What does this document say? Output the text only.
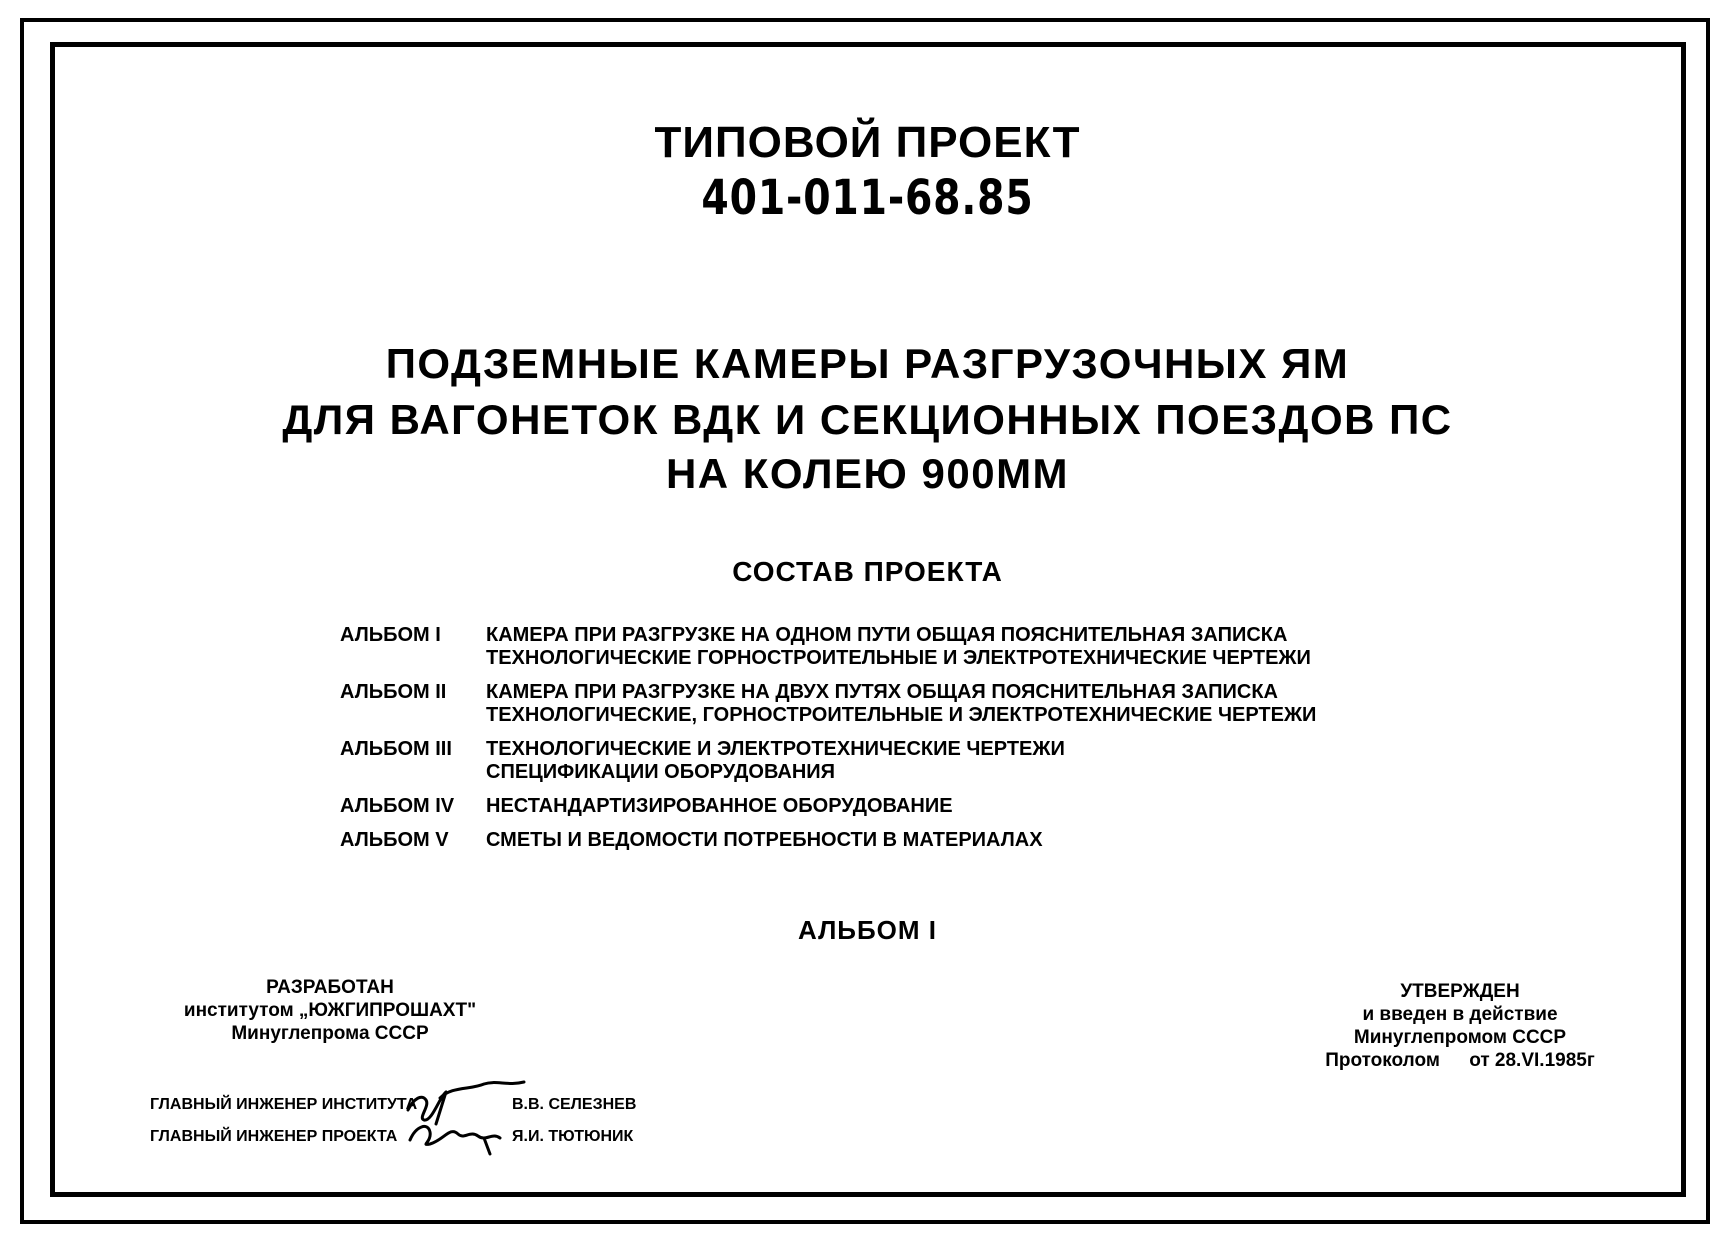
ТИПОВОЙ ПРОЕКТ
401-011-68.85
ПОДЗЕМНЫЕ КАМЕРЫ РАЗГРУЗОЧНЫХ ЯМ
ДЛЯ ВАГОНЕТОК ВДК И СЕКЦИОННЫХ ПОЕЗДОВ ПС
НА КОЛЕЮ 900ММ
СОСТАВ ПРОЕКТА
АЛЬБОМ I	КАМЕРА ПРИ РАЗГРУЗКЕ НА ОДНОМ ПУТИ ОБЩАЯ ПОЯСНИТЕЛЬНАЯ ЗАПИСКА
ТЕХНОЛОГИЧЕСКИЕ ГОРНОСТРОИТЕЛЬНЫЕ И ЭЛЕКТРОТЕХНИЧЕСКИЕ ЧЕРТЕЖИ
АЛЬБОМ II	КАМЕРА ПРИ РАЗГРУЗКЕ НА ДВУХ ПУТЯХ ОБЩАЯ ПОЯСНИТЕЛЬНАЯ ЗАПИСКА
ТЕХНОЛОГИЧЕСКИЕ, ГОРНОСТРОИТЕЛЬНЫЕ И ЭЛЕКТРОТЕХНИЧЕСКИЕ ЧЕРТЕЖИ
АЛЬБОМ III	ТЕХНОЛОГИЧЕСКИЕ И ЭЛЕКТРОТЕХНИЧЕСКИЕ ЧЕРТЕЖИ
СПЕЦИФИКАЦИИ ОБОРУДОВАНИЯ
АЛЬБОМ IV	НЕСТАНДАРТИЗИРОВАННОЕ ОБОРУДОВАНИЕ
АЛЬБОМ V	СМЕТЫ И ВЕДОМОСТИ ПОТРЕБНОСТИ В МАТЕРИАЛАХ
АЛЬБОМ I
РАЗРАБОТАН
институтом „ЮЖГИПРОШАХТ"
Минуглепрома СССР
УТВЕРЖДЕН
и введен в действие
Минуглепромом СССР
Протоколом от 28.VI.1985г
ГЛАВНЫЙ ИНЖЕНЕР ИНСТИТУТА	В.В. СЕЛЕЗНЕВ
ГЛАВНЫЙ ИНЖЕНЕР ПРОЕКТА	Я.И. ТЮТЮНИК
